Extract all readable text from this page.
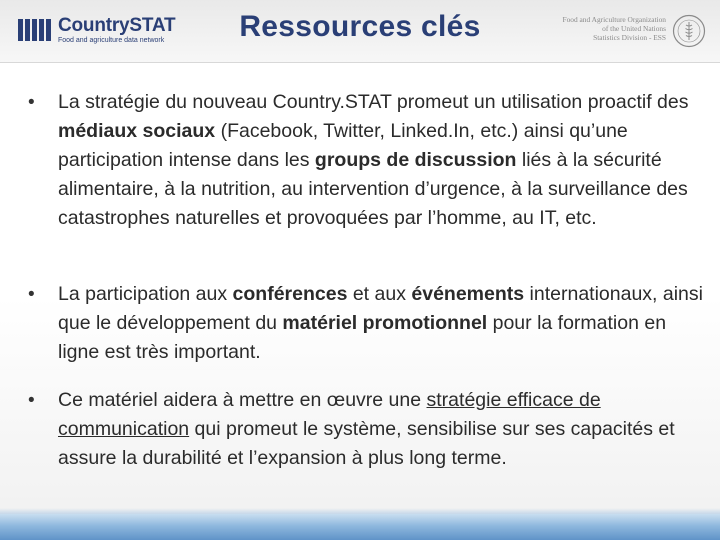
CountrySTAT
Food and agriculture data network	Ressources clés	Food and Agriculture Organization
of the United Nations
Statistics Division - ESS
• La stratégie du nouveau Country.STAT promeut un utilisation proactif des médiaux sociaux (Facebook, Twitter, Linked.In, etc.) ainsi qu’une participation intense dans les groups de discussion liés à la sécurité alimentaire, à la nutrition, au intervention d’urgence, à la surveillance des catastrophes naturelles et provoquées par l’homme, au IT, etc.
• La participation aux conférences et aux événements internationaux, ainsi que le développement du matériel promotionnel pour la formation en ligne est très important.
• Ce matériel aidera à mettre en œuvre une stratégie efficace de communication qui promeut le système, sensibilise sur ses capacités et assure la durabilité et l’expansion à plus long terme.
